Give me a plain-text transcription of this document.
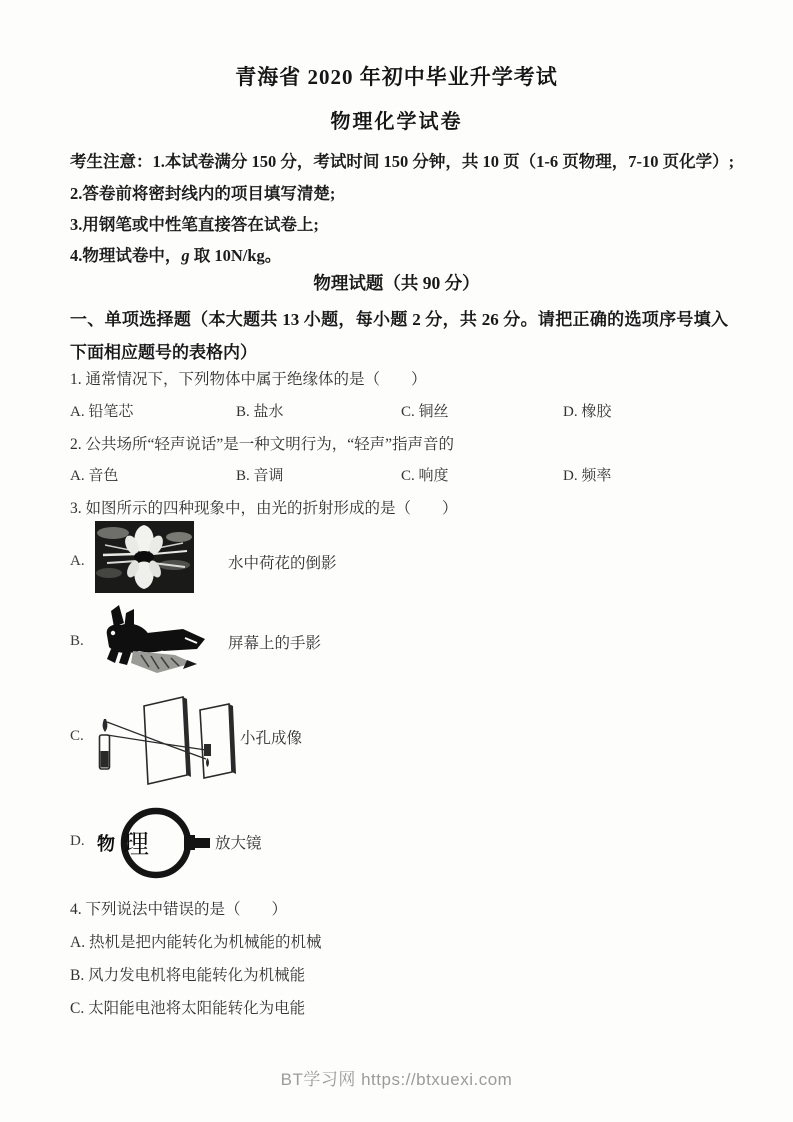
青海省 2020 年初中毕业升学考试
物理化学试卷
考生注意：1.本试卷满分 150 分，考试时间 150 分钟，共 10 页（1-6 页物理，7-10 页化学）;
2.答卷前将密封线内的项目填写清楚;
3.用钢笔或中性笔直接答在试卷上;
4.物理试卷中，g 取 10N/kg。
物理试题（共 90 分）
一、单项选择题（本大题共 13 小题，每小题 2 分，共 26 分。请把正确的选项序号填入下面相应题号的表格内）
1. 通常情况下，下列物体中属于绝缘体的是（　　）
A. 铅笔芯	B. 盐水	C. 铜丝	D. 橡胶
2. 公共场所“轻声说话”是一种文明行为，“轻声”指声音的
A. 音色	B. 音调	C. 响度	D. 频率
3. 如图所示的四种现象中，由光的折射形成的是（　　）
A.	水中荷花的倒影
B.	屏幕上的手影
C.	小孔成像
D. 物 理	放大镜
4. 下列说法中错误的是（　　）
A. 热机是把内能转化为机械能的机械
B. 风力发电机将电能转化为机械能
C. 太阳能电池将太阳能转化为电能
BT学习网 https://btxuexi.com
